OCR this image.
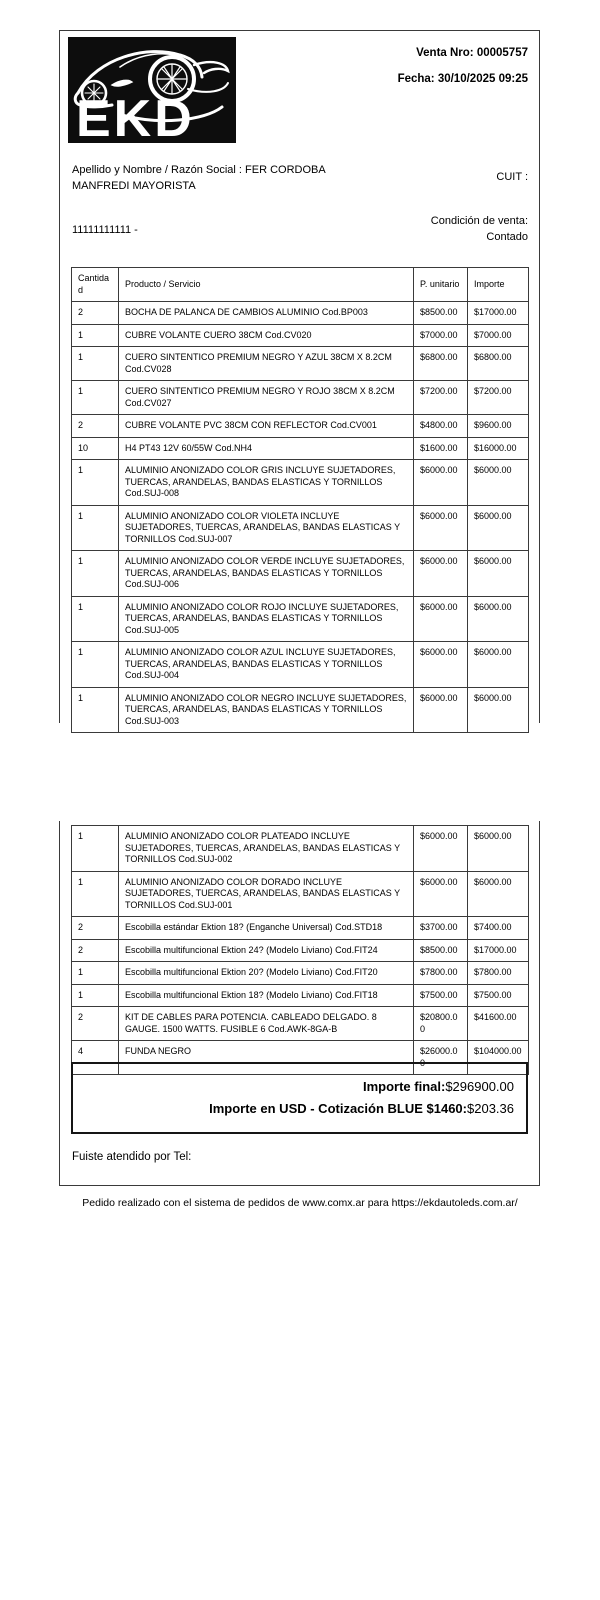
EKD
Venta Nro: 00005757
Fecha: 30/10/2025 09:25
Apellido y Nombre / Razón Social : FER CORDOBA MANFREDI MAYORISTA
CUIT :
11111111111 -
Condición de venta:
Contado
Cantidad	Producto / Servicio	P. unitario	Importe
2	BOCHA DE PALANCA DE CAMBIOS ALUMINIO Cod.BP003	$8500.00	$17000.00
1	CUBRE VOLANTE CUERO 38CM Cod.CV020	$7000.00	$7000.00
1	CUERO SINTENTICO PREMIUM NEGRO Y AZUL 38CM X 8.2CM Cod.CV028	$6800.00	$6800.00
1	CUERO SINTENTICO PREMIUM NEGRO Y ROJO 38CM X 8.2CM Cod.CV027	$7200.00	$7200.00
2	CUBRE VOLANTE PVC 38CM CON REFLECTOR Cod.CV001	$4800.00	$9600.00
10	H4 PT43 12V 60/55W Cod.NH4	$1600.00	$16000.00
1	ALUMINIO ANONIZADO COLOR GRIS INCLUYE SUJETADORES, TUERCAS, ARANDELAS, BANDAS ELASTICAS Y TORNILLOS Cod.SUJ-008	$6000.00	$6000.00
1	ALUMINIO ANONIZADO COLOR VIOLETA INCLUYE SUJETADORES, TUERCAS, ARANDELAS, BANDAS ELASTICAS Y TORNILLOS Cod.SUJ-007	$6000.00	$6000.00
1	ALUMINIO ANONIZADO COLOR VERDE INCLUYE SUJETADORES, TUERCAS, ARANDELAS, BANDAS ELASTICAS Y TORNILLOS Cod.SUJ-006	$6000.00	$6000.00
1	ALUMINIO ANONIZADO COLOR ROJO INCLUYE SUJETADORES, TUERCAS, ARANDELAS, BANDAS ELASTICAS Y TORNILLOS Cod.SUJ-005	$6000.00	$6000.00
1	ALUMINIO ANONIZADO COLOR AZUL INCLUYE SUJETADORES, TUERCAS, ARANDELAS, BANDAS ELASTICAS Y TORNILLOS Cod.SUJ-004	$6000.00	$6000.00
1	ALUMINIO ANONIZADO COLOR NEGRO INCLUYE SUJETADORES, TUERCAS, ARANDELAS, BANDAS ELASTICAS Y TORNILLOS Cod.SUJ-003	$6000.00	$6000.00
1	ALUMINIO ANONIZADO COLOR PLATEADO INCLUYE SUJETADORES, TUERCAS, ARANDELAS, BANDAS ELASTICAS Y TORNILLOS Cod.SUJ-002	$6000.00	$6000.00
1	ALUMINIO ANONIZADO COLOR DORADO INCLUYE SUJETADORES, TUERCAS, ARANDELAS, BANDAS ELASTICAS Y TORNILLOS Cod.SUJ-001	$6000.00	$6000.00
2	Escobilla estándar Ektion 18? (Enganche Universal) Cod.STD18	$3700.00	$7400.00
2	Escobilla multifuncional Ektion 24? (Modelo Liviano) Cod.FIT24	$8500.00	$17000.00
1	Escobilla multifuncional Ektion 20? (Modelo Liviano) Cod.FIT20	$7800.00	$7800.00
1	Escobilla multifuncional Ektion 18? (Modelo Liviano) Cod.FIT18	$7500.00	$7500.00
2	KIT DE CABLES PARA POTENCIA. CABLEADO DELGADO. 8 GAUGE. 1500 WATTS. FUSIBLE 6 Cod.AWK-8GA-B	$20800.00	$41600.00
4	FUNDA NEGRO	$26000.00	$104000.00
Importe final:$296900.00
Importe en USD - Cotización BLUE $1460:$203.36
Fuiste atendido por Tel:
Pedido realizado con el sistema de pedidos de www.comx.ar para https://ekdautoleds.com.ar/
